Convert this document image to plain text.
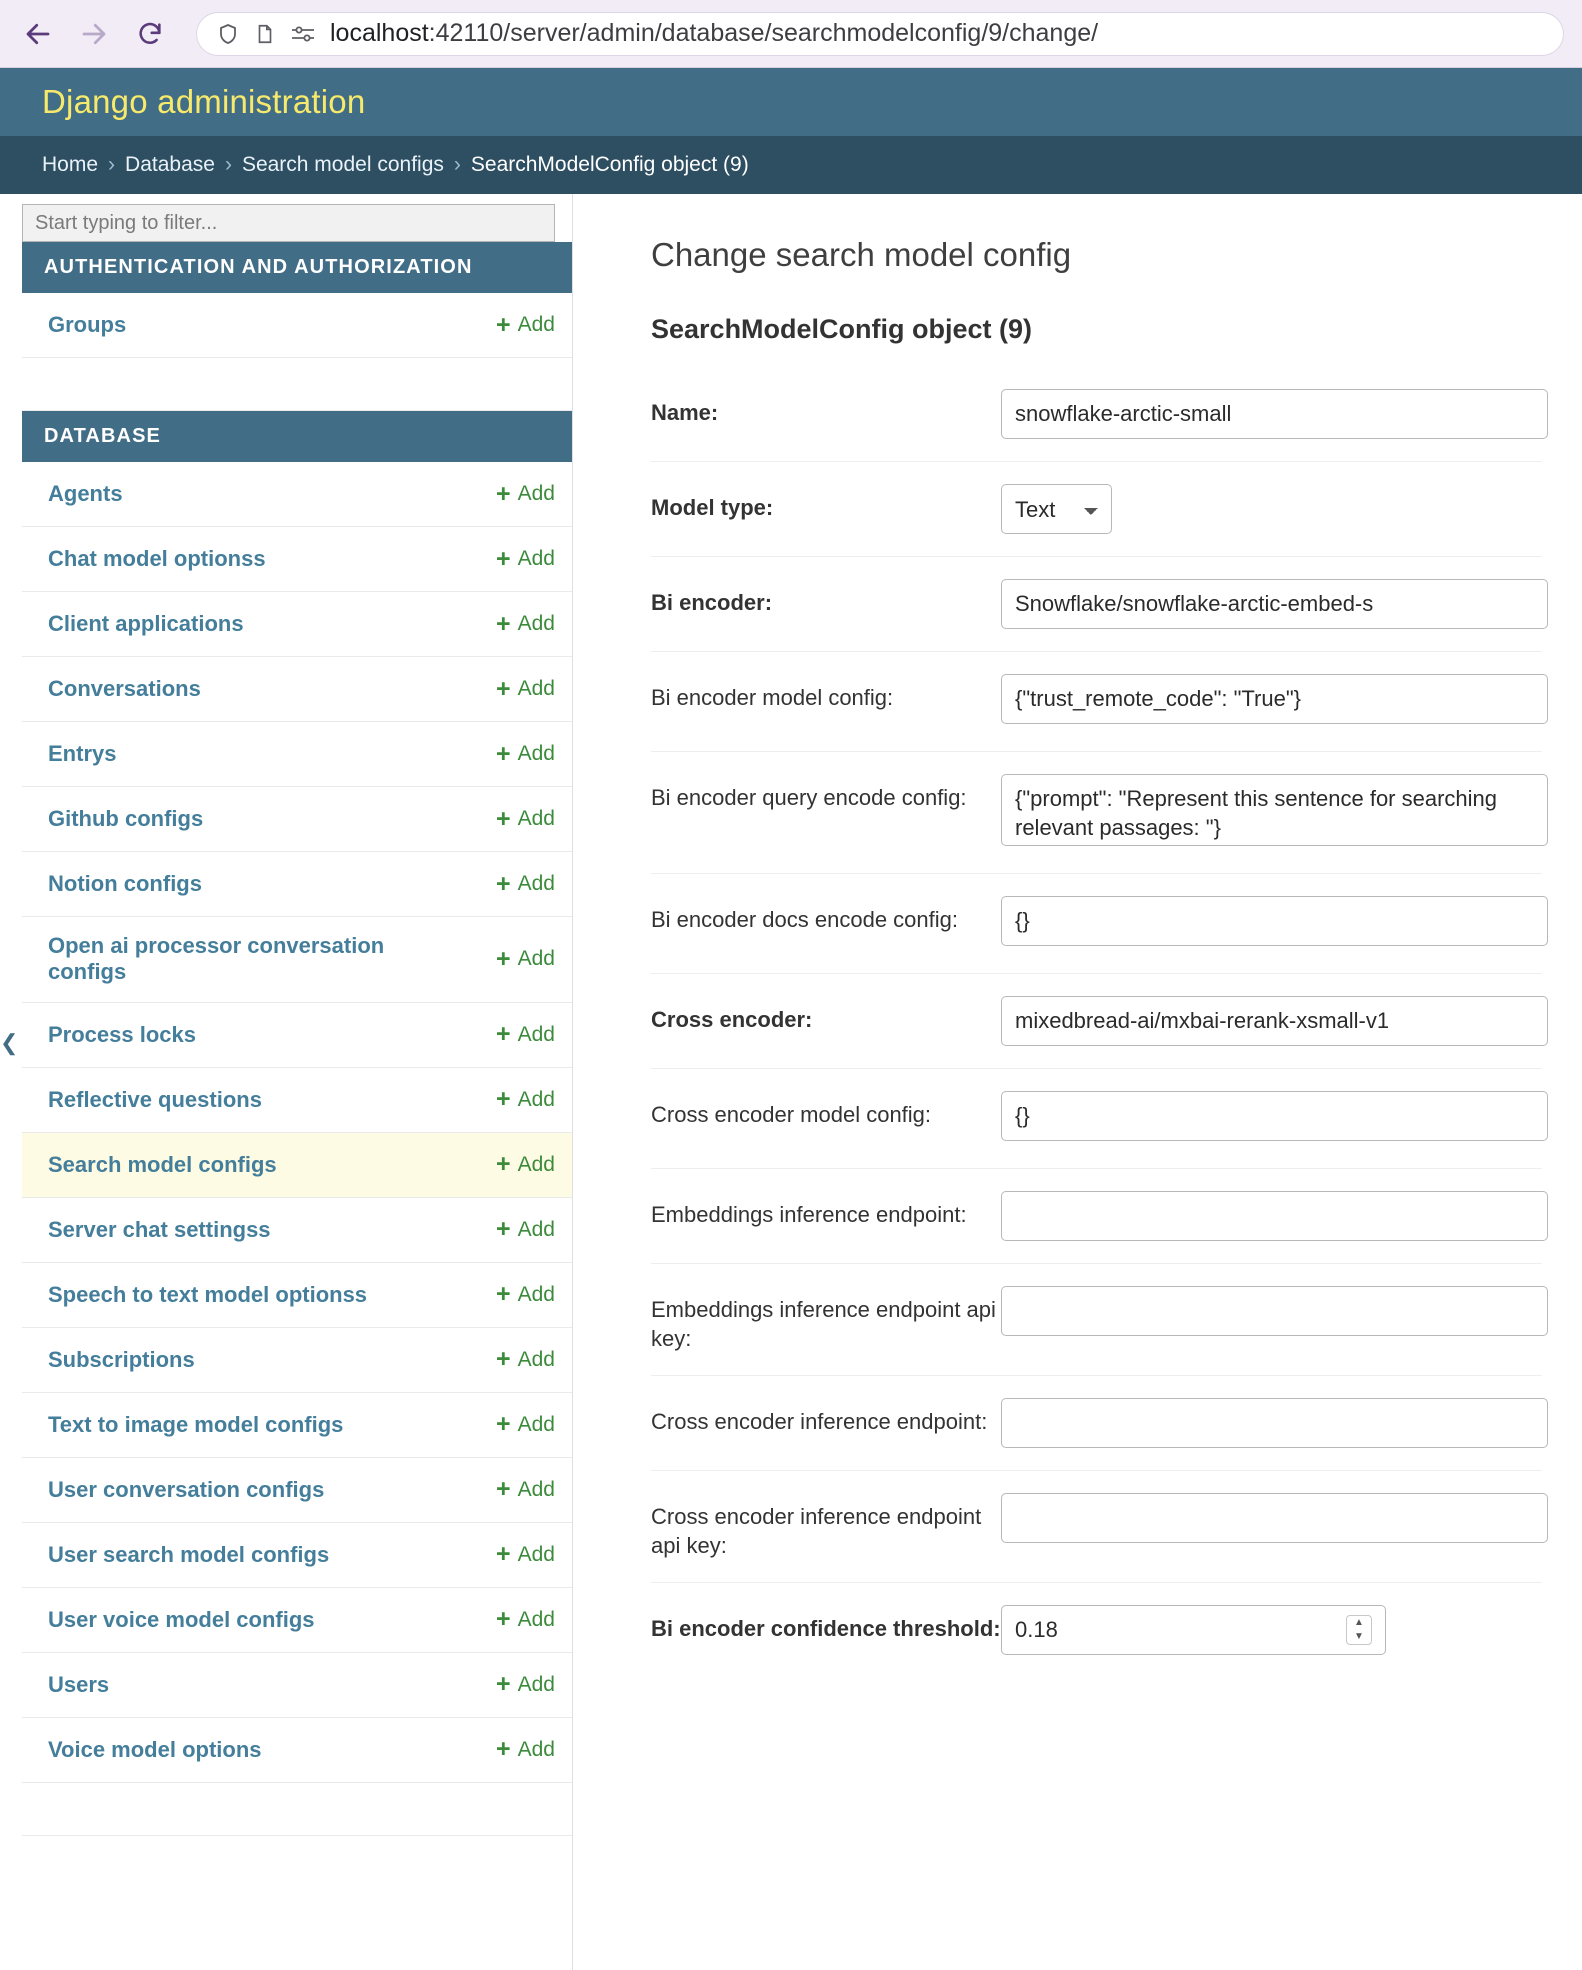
localhost:42110/server/admin/database/searchmodelconfig/9/change/
Django administration
Home › Database › Search model configs › SearchModelConfig object (9)
Start typing to filter...
AUTHENTICATION AND AUTHORIZATION
Groups	+ Add
DATABASE
Agents	+ Add
Chat model optionss	+ Add
Client applications	+ Add
Conversations	+ Add
Entrys	+ Add
Github configs	+ Add
Notion configs	+ Add
Open ai processor conversation configs	+ Add
Process locks	+ Add
Reflective questions	+ Add
Search model configs	+ Add
Server chat settingss	+ Add
Speech to text model optionss	+ Add
Subscriptions	+ Add
Text to image model configs	+ Add
User conversation configs	+ Add
User search model configs	+ Add
User voice model configs	+ Add
Users	+ Add
Voice model options	+ Add
❮
Change search model config
SearchModelConfig object (9)
Name:
snowflake-arctic-small
Model type:
Text
Bi encoder:
Snowflake/snowflake-arctic-embed-s
Bi encoder model config:
{"trust_remote_code": "True"}
Bi encoder query encode config:
{"prompt": "Represent this sentence for searching relevant passages: "}
Bi encoder docs encode config:
{}
Cross encoder:
mixedbread-ai/mxbai-rerank-xsmall-v1
Cross encoder model config:
{}
Embeddings inference endpoint:
Embeddings inference endpoint api key:
Cross encoder inference endpoint:
Cross encoder inference endpoint api key:
Bi encoder confidence threshold:
0.18	▲
▼
